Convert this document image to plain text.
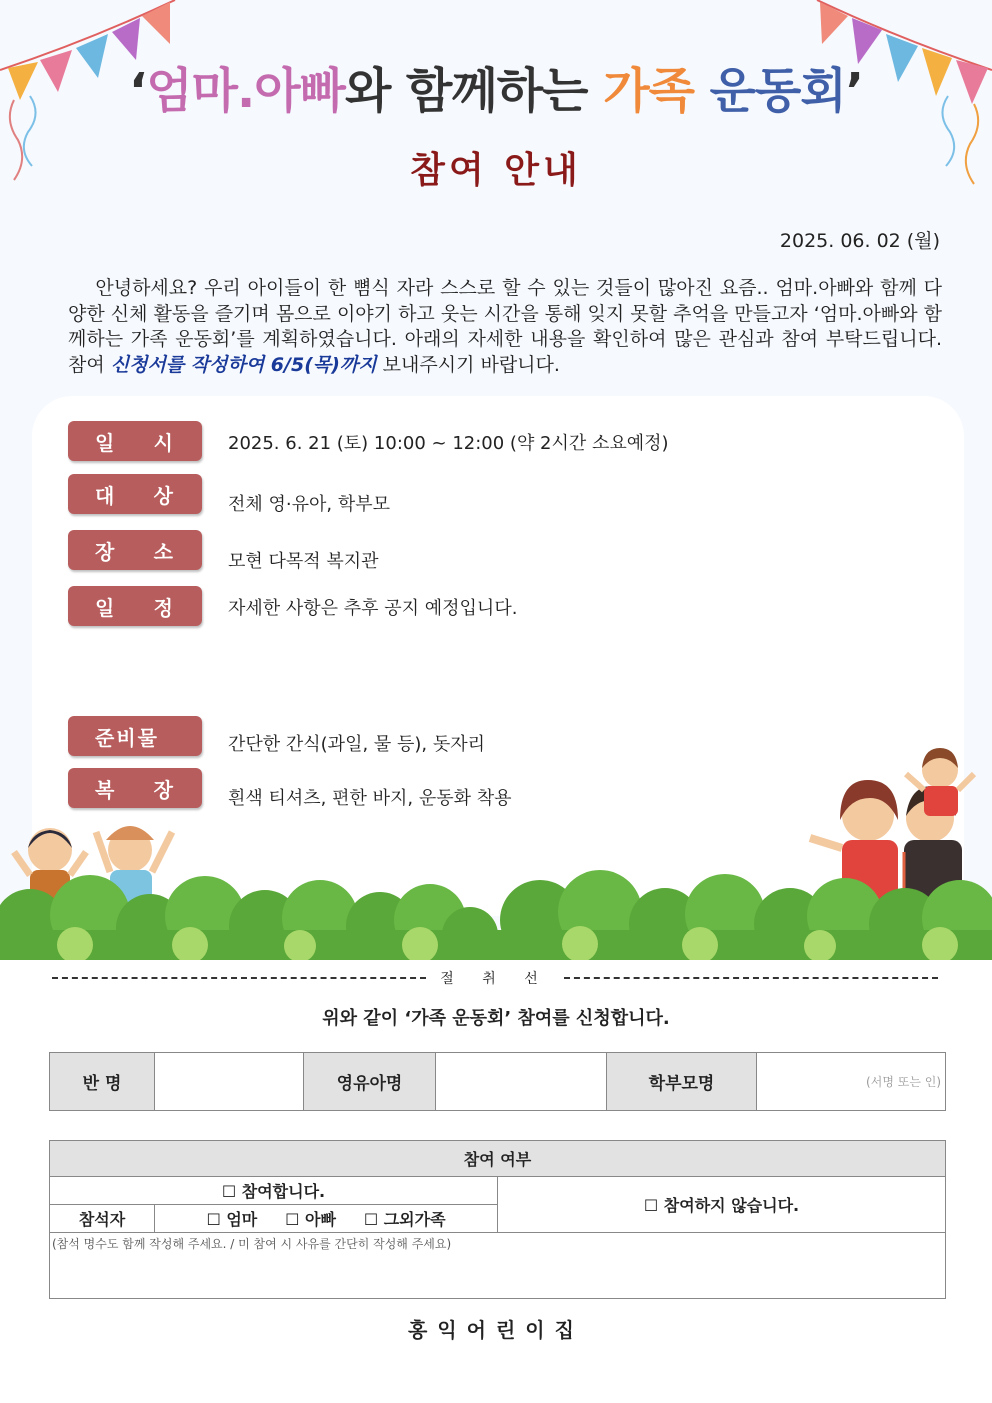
‘엄마.아빠와 함께하는 가족 운동회’
참여 안내
2025. 06. 02 (월)
안녕하세요? 우리 아이들이 한 뼘식 자라 스스로 할 수 있는 것들이 많아진 요즘.. 엄마.아빠와 함께 다양한 신체 활동을 즐기며 몸으로 이야기 하고 웃는 시간을 통해 잊지 못할 추억을 만들고자 ‘엄마.아빠와 함께하는 가족 운동회’를 계획하였습니다. 아래의 자세한 내용을 확인하여 많은 관심과 참여 부탁드립니다. 참여 신청서를 작성하여 6/5(목)까지 보내주시기 바랍니다.
일 시	2025. 6. 21 (토) 10:00 ~ 12:00 (약 2시간 소요예정)
대 상	전체 영·유아, 학부모
장 소	모현 다목적 복지관
일 정	자세한 사항은 추후 공지 예정입니다.
준비물	간단한 간식(과일, 물 등), 돗자리
복 장	흰색 티셔츠, 편한 바지, 운동화 착용
절 취 선
위와 같이 ‘가족 운동회’ 참여를 신청합니다.
반 명		영유아명		학부모명	(서명 또는 인)
참여 여부		
☐ 참여합니다.		☐ 참여하지 않습니다.
참석자	☐ 엄마 ☐ 아빠 ☐ 그외가족	
(참석 명수도 함께 작성해 주세요. / 미 참여 시 사유를 간단히 작성해 주세요)		
홍익어린이집
